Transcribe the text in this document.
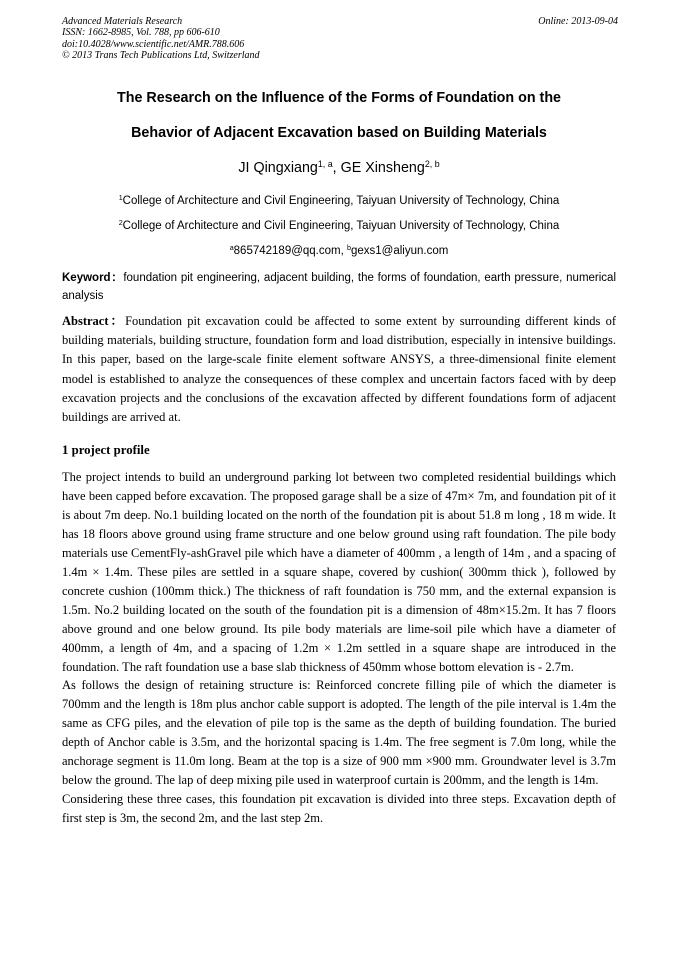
Advanced Materials Research
ISSN: 1662-8985, Vol. 788, pp 606-610
doi:10.4028/www.scientific.net/AMR.788.606
© 2013 Trans Tech Publications Ltd, Switzerland
Online: 2013-09-04
The Research on the Influence of the Forms of Foundation on the
Behavior of Adjacent Excavation based on Building Materials
JI Qingxiang$^{1, a}$, GE Xinsheng$^{2, b}$
$^1$College of Architecture and Civil Engineering, Taiyuan University of Technology, China
$^2$College of Architecture and Civil Engineering, Taiyuan University of Technology, China
$^a$865742189@qq.com, $^b$gexs1@aliyun.com
Keyword：foundation pit engineering, adjacent building, the forms of foundation, earth pressure, numerical analysis
Abstract：Foundation pit excavation could be affected to some extent by surrounding different kinds of building materials, building structure, foundation form and load distribution, especially in intensive buildings. In this paper, based on the large-scale finite element software ANSYS, a three-dimensional finite element model is established to analyze the consequences of these complex and uncertain factors faced with by deep excavation projects and the conclusions of the excavation affected by different foundations form of adjacent buildings are arrived at.
1 project profile

The project intends to build an underground parking lot between two completed residential buildings which have been capped before excavation. The proposed garage shall be a size of 47m× 7m, and foundation pit of it is about 7m deep. No.1 building located on the north of the foundation pit is about 51.8 m long , 18 m wide. It has 18 floors above ground using frame structure and one below ground using raft foundation. The pile body materials use CementFly-ashGravel pile which have a diameter of 400mm , a length of 14m , and a spacing of 1.4m × 1.4m. These piles are settled in a square shape, covered by cushion( 300mm thick ), followed by concrete cushion (100mm thick.) The thickness of raft foundation is 750 mm, and the external expansion is 1.5m. No.2 building located on the south of the foundation pit is a dimension of 48m×15.2m. It has 7 floors above ground and one below ground. Its pile body materials are lime-soil pile which have a diameter of 400mm, a length of 4m, and a spacing of 1.2m × 1.2m settled in a square shape are introduced in the foundation. The raft foundation use a base slab thickness of 450mm whose bottom elevation is - 2.7m.

As follows the design of retaining structure is: Reinforced concrete filling pile of which the diameter is 700mm and the length is 18m plus anchor cable support is adopted. The length of the pile interval is 1.4m the same as CFG piles, and the elevation of pile top is the same as the depth of building foundation. The buried depth of Anchor cable is 3.5m, and the horizontal spacing is 1.4m. The free segment is 7.0m long, while the anchorage segment is 11.0m long. Beam at the top is a size of 900 mm ×900 mm. Groundwater level is 3.7m below the ground. The lap of deep mixing pile used in waterproof curtain is 200mm, and the length is 14m.

Considering these three cases, this foundation pit excavation is divided into three steps. Excavation depth of first step is 3m, the second 2m, and the last step 2m.
